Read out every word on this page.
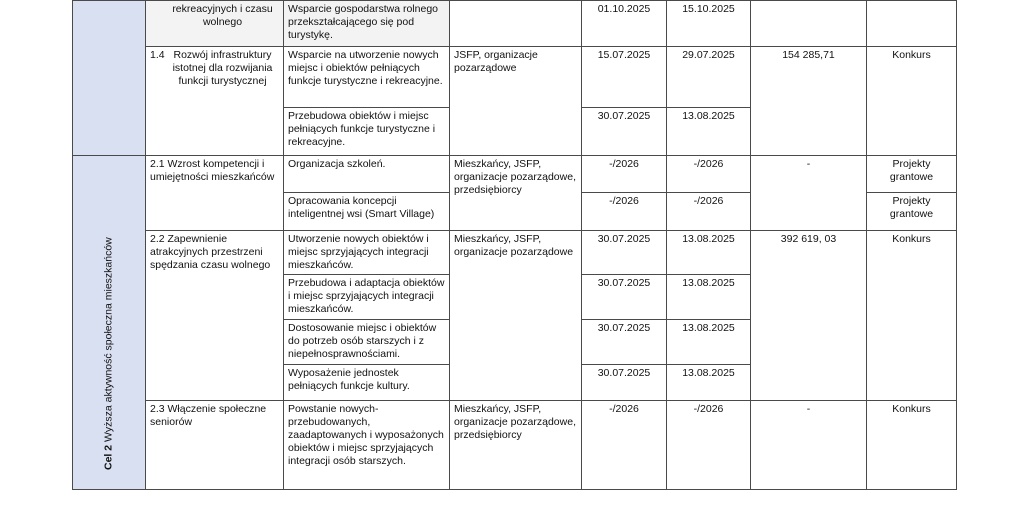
	rekreacyjnych i czasu wolnego	Wsparcie gospodarstwa rolnego przekształcającego się pod turystykę.		01.10.2025	15.10.2025		
	1.4 Rozwój infrastruktury istotnej dla rozwijania funkcji turystycznej	Wsparcie na utworzenie nowych miejsc i obiektów pełniących funkcje turystyczne i rekreacyjne.	JSFP, organizacje pozarządowe	15.07.2025	29.07.2025	154 285,71	Konkurs
		Przebudowa obiektów i miejsc pełniących funkcje turystyczne i rekreacyjne.		30.07.2025	13.08.2025		

Cel 2 Wyższa aktywność społeczna mieszkańców	2.1 Wzrost kompetencji i umiejętności mieszkańców	Organizacja szkoleń.	Mieszkańcy, JSFP, organizacje pozarządowe, przedsiębiorcy	-/2026	-/2026	-	Projekty grantowe
		Opracowania koncepcji inteligentnej wsi (Smart Village)		-/2026	-/2026		Projekty grantowe
	2.2 Zapewnienie atrakcyjnych przestrzeni spędzania czasu wolnego	Utworzenie nowych obiektów i miejsc sprzyjających integracji mieszkańców.	Mieszkańcy, JSFP, organizacje pozarządowe	30.07.2025	13.08.2025	392 619, 03	Konkurs
		Przebudowa i adaptacja obiektów i miejsc sprzyjających integracji mieszkańców.		30.07.2025	13.08.2025		
		Dostosowanie miejsc i obiektów do potrzeb osób starszych i z niepełnosprawnościami.		30.07.2025	13.08.2025		
		Wyposażenie jednostek pełniących funkcje kultury.		30.07.2025	13.08.2025		
	2.3 Włączenie społeczne seniorów	Powstanie nowych-przebudowanych, zaadaptowanych i wyposażonych obiektów i miejsc sprzyjających integracji osób starszych.	Mieszkańcy, JSFP, organizacje pozarządowe, przedsiębiorcy	-/2026	-/2026	-	Konkurs
